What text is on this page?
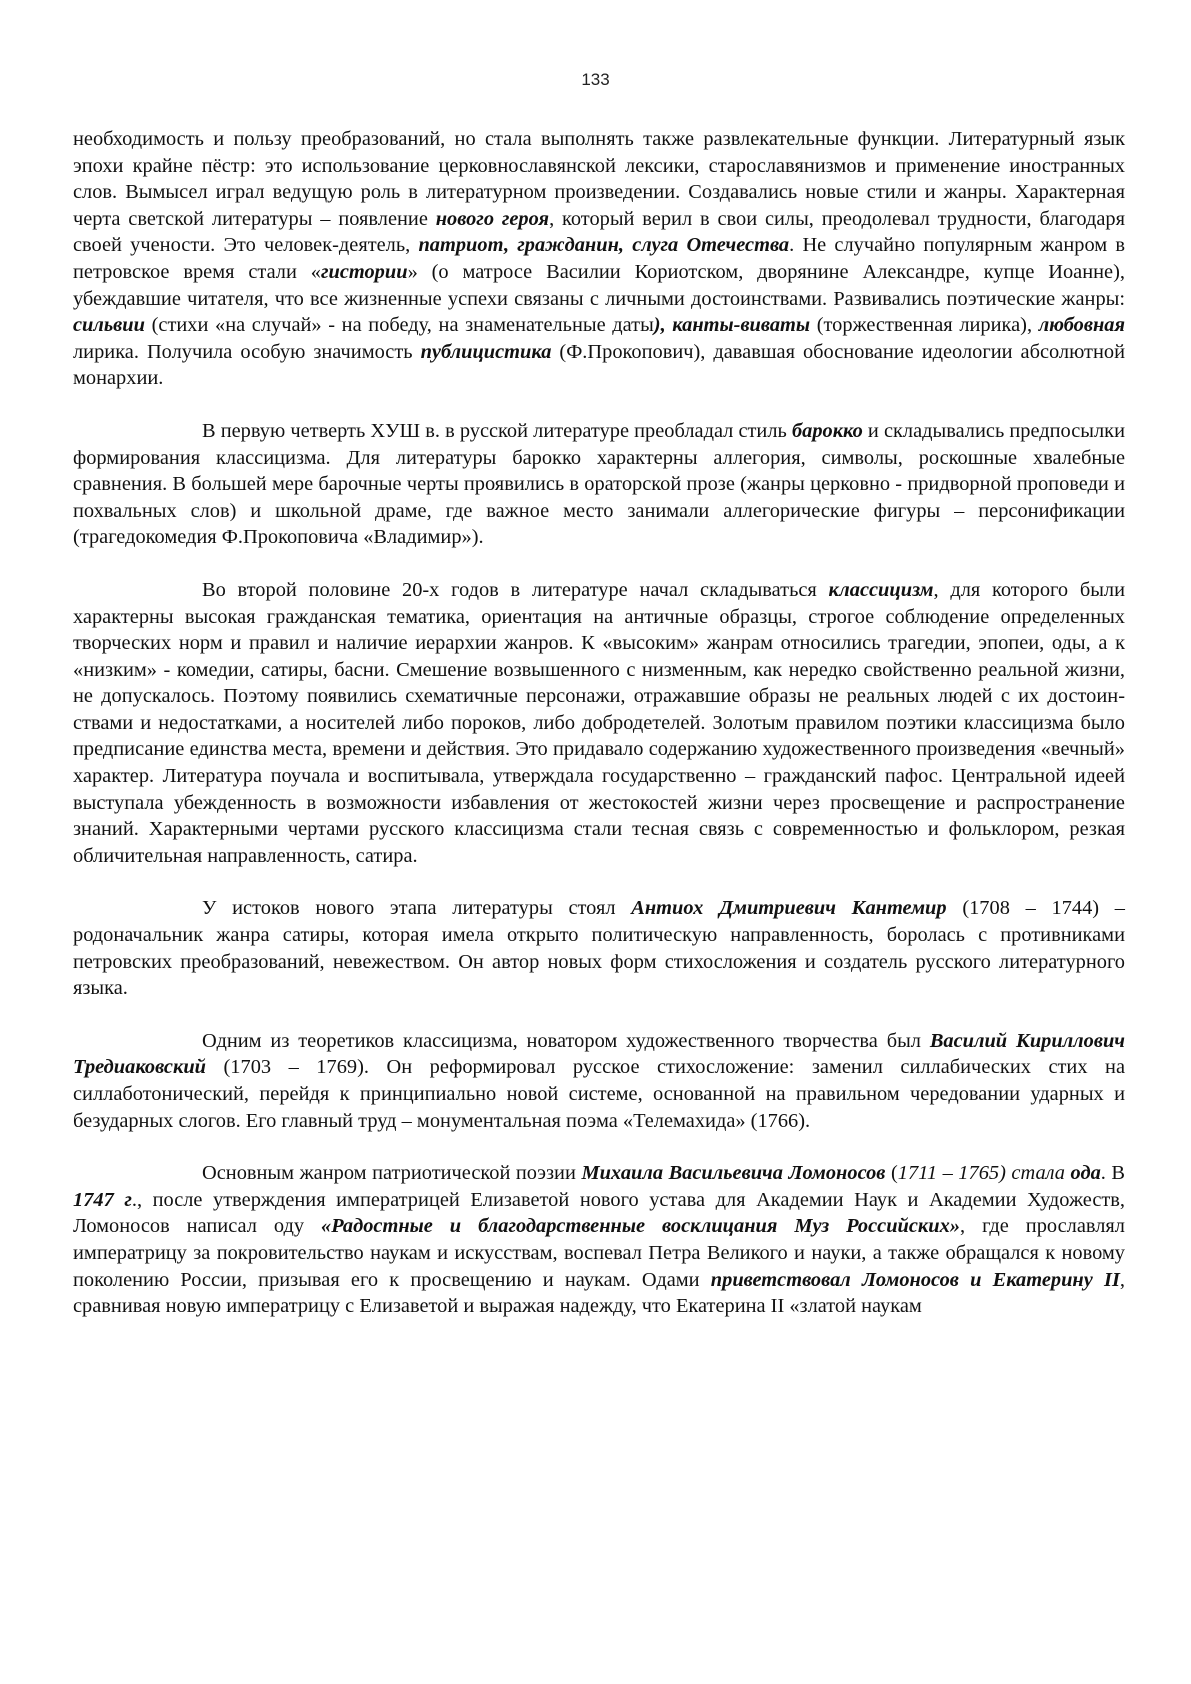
133

необходимость и пользу преобразований, но стала выполнять также развлекательные функции. Литературный язык эпохи крайне пёстр: это использование церковнославянской лексики, старославянизмов и применение иностранных слов. Вымысел играл ведущую роль в литературном произведении. Создавались новые стили и жанры. Характерная черта светской литературы – появление нового героя, который верил в свои силы, преодолевал трудности, благодаря своей учености. Это человек-деятель, патриот, гражданин, слуга Отечества. Не случайно популярным жанром в петровское время стали «гистории» (о матросе Василии Кориотском, дворянине Александре, купце Иоанне), убеждавшие читателя, что все жизненные успехи связаны с личными достоинствами. Развивались поэтические жанры: сильвии (стихи «на случай» - на победу, на знаменательные даты), канты-виваты (торжественная лирика), любовная лирика. Получила особую значимость публицистика (Ф.Прокопович), дававшая обоснование идеологии абсолютной монархии.

В первую четверть ХУШ в. в русской литературе преобладал стиль барокко и складывались предпосылки формирования классицизма. Для литературы барокко характерны аллегория, символы, роскошные хвалебные сравнения. В большей мере барочные черты проявились в ораторской прозе (жанры церковно - придворной проповеди и похвальных слов) и школьной драме, где важное место занимали аллегорические фигуры – персонификации (трагедокомедия Ф.Прокоповича «Владимир»).

Во второй половине 20-х годов в литературе начал складываться классицизм, для которого были характерны высокая гражданская тематика, ориентация на античные образцы, строгое соблюдение определенных творческих норм и правил и наличие иерархии жанров. К «высоким» жанрам относились трагедии, эпопеи, оды, а к «низким» - комедии, сатиры, басни. Смешение возвышенного с низменным, как нередко свойственно реальной жизни, не допускалось. Поэтому появились схематичные персонажи, отражавшие образы не реальных людей с их достоин-ствами и недостатками, а носителей либо пороков, либо добродетелей. Золотым правилом поэтики классицизма было предписание единства места, времени и действия. Это придавало содержанию художественного произведения «вечный» характер. Литература поучала и воспитывала, утверждала государственно – гражданский пафос. Центральной идеей выступала убежденность в возможности избавления от жестокостей жизни через просвещение и распространение знаний. Характерными чертами русского классицизма стали тесная связь с современностью и фольклором, резкая обличительная направленность, сатира.

У истоков нового этапа литературы стоял Антиох Дмитриевич Кантемир (1708 – 1744) – родоначальник жанра сатиры, которая имела открыто политическую направленность, боролась с противниками петровских преобразований, невежеством. Он автор новых форм стихосложения и создатель русского литературного языка.

Одним из теоретиков классицизма, новатором художественного творчества был Василий Кириллович Тредиаковский (1703 – 1769). Он реформировал русское стихосложение: заменил силлабических стих на силлаботонический, перейдя к принципиально новой системе, основанной на правильном чередовании ударных и безударных слогов. Его главный труд – монументальная поэма «Телемахида» (1766).

Основным жанром патриотической поэзии Михаила Васильевича Ломоносов (1711 – 1765) стала ода. В 1747 г., после утверждения императрицей Елизаветой нового устава для Академии Наук и Академии Художеств, Ломоносов написал оду «Радостные и благодарственные восклицания Муз Российских», где прославлял императрицу за покровительство наукам и искусствам, воспевал Петра Великого и науки, а также обращался к новому поколению России, призывая его к просвещению и наукам. Одами приветствовал Ломоносов и Екатерину II, сравнивая новую императрицу с Елизаветой и выражая надежду, что Екатерина II «златой наукам
